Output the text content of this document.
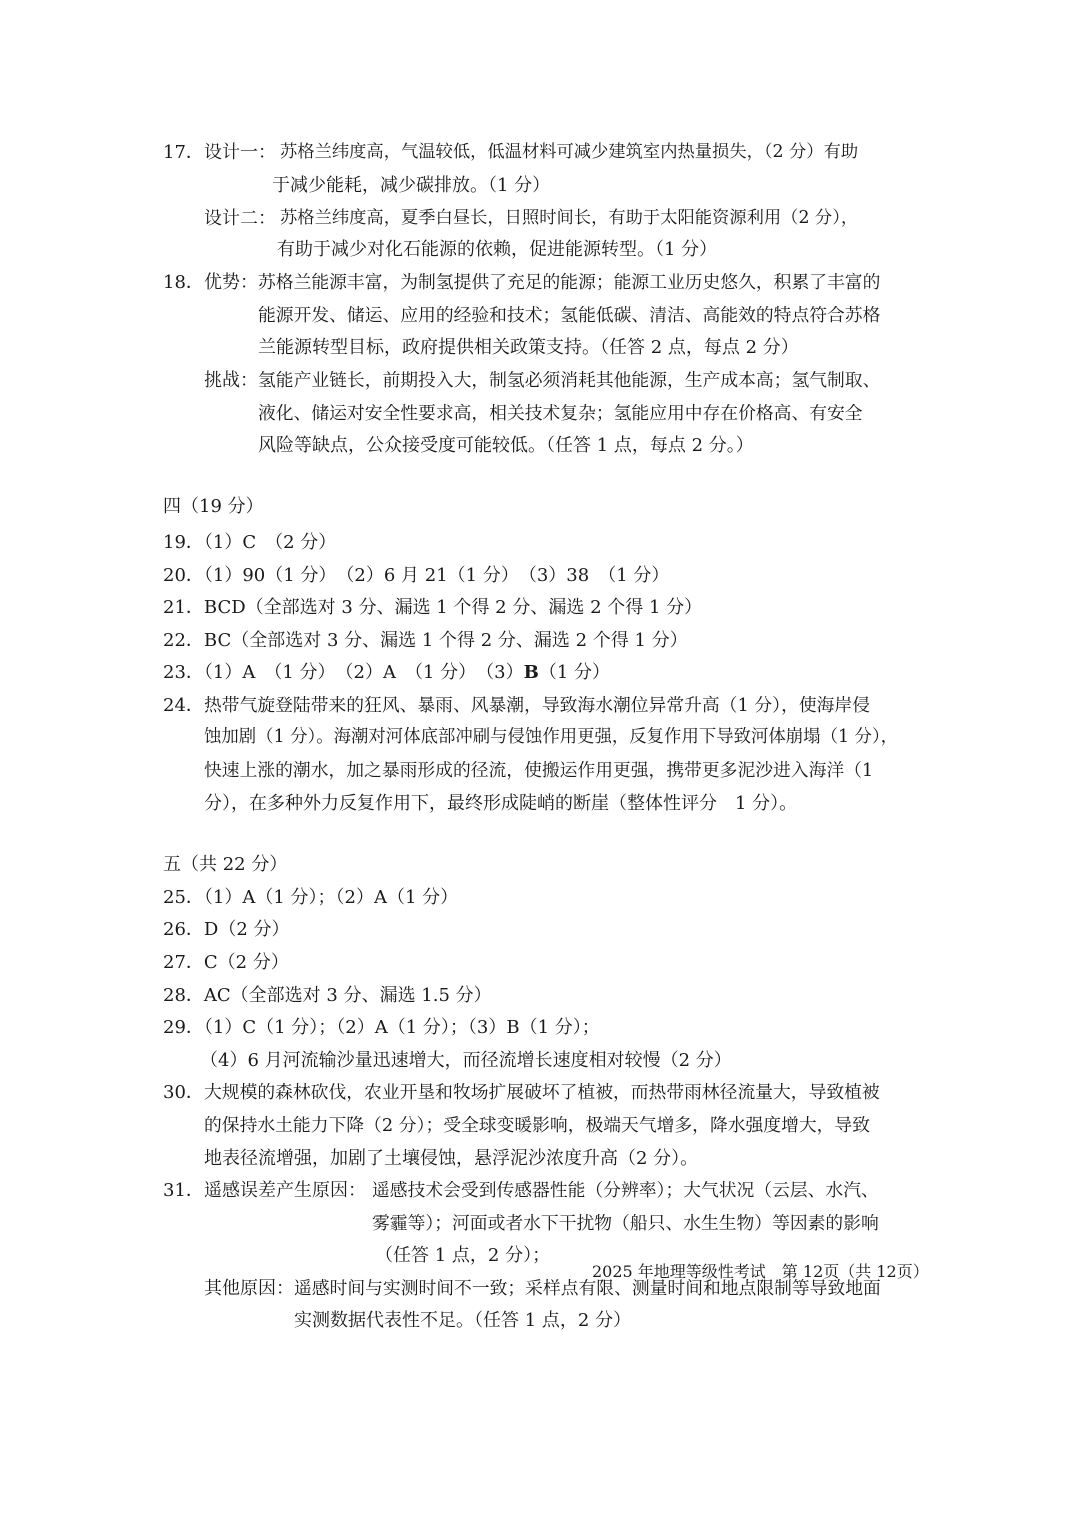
17． 设计一： 苏格兰纬度高，气温较低，低温材料可减少建筑室内热量损失，（2 分）有助
于减少能耗，减少碳排放。（1 分）
设计二： 苏格兰纬度高，夏季白昼长，日照时间长，有助于太阳能资源利用（2 分），
有助于减少对化石能源的依赖，促进能源转型。（1 分）
18． 优势： 苏格兰能源丰富，为制氢提供了充足的能源；能源工业历史悠久，积累了丰富的
能源开发、储运、应用的经验和技术；氢能低碳、清洁、高能效的特点符合苏格
兰能源转型目标，政府提供相关政策支持。（任答 2 点，每点 2 分）
挑战： 氢能产业链长，前期投入大，制氢必须消耗其他能源，生产成本高；氢气制取、
液化、储运对安全性要求高，相关技术复杂；氢能应用中存在价格高、有安全
风险等缺点，公众接受度可能较低。（任答 1 点，每点 2 分。）
四（19 分）
19．（1）C　（2 分）
20．（1）90（1 分）　（2）6 月 21（1 分）　（3）38　（1 分）
21．BCD（全部选对 3 分、漏选 1 个得 2 分、漏选 2 个得 1 分）
22．BC（全部选对 3 分、漏选 1 个得 2 分、漏选 2 个得 1 分）
23．（1）A　（1 分）　（2）A　（1 分）　（3）B（1 分）
24． 热带气旋登陆带来的狂风、暴雨、风暴潮，导致海水潮位异常升高（1 分），使海岸侵
蚀加剧（1 分）。海潮对河体底部冲刷与侵蚀作用更强，反复作用下导致河体崩塌（1 分），
快速上涨的潮水，加之暴雨形成的径流，使搬运作用更强，携带更多泥沙进入海洋（1
分），在多种外力反复作用下，最终形成陡峭的断崖（整体性评分　1 分）。
五（共 22 分）
25．（1）A（1 分）；（2）A（1 分）
26．D（2 分）
27．C（2 分）
28．AC（全部选对 3 分、漏选 1.5 分）
29．（1）C（1 分）；（2）A（1 分）；（3）B（1 分）；
（4）6 月河流输沙量迅速增大，而径流增长速度相对较慢（2 分）
30． 大规模的森林砍伐，农业开垦和牧场扩展破坏了植被，而热带雨林径流量大，导致植被
的保持水土能力下降（2 分）；受全球变暖影响，极端天气增多，降水强度增大，导致
地表径流增强，加剧了土壤侵蚀，悬浮泥沙浓度升高（2 分）。
31． 遥感误差产生原因： 遥感技术会受到传感器性能（分辨率）；大气状况（云层、水汽、
雾霾等）；河面或者水下干扰物（船只、水生生物）等因素的影响
（任答 1 点，2 分）；
其他原因： 遥感时间与实测时间不一致；采样点有限、测量时间和地点限制等导致地面
实测数据代表性不足。（任答 1 点，2 分）
2025 年地理等级性考试　第 12页（共 12页）
